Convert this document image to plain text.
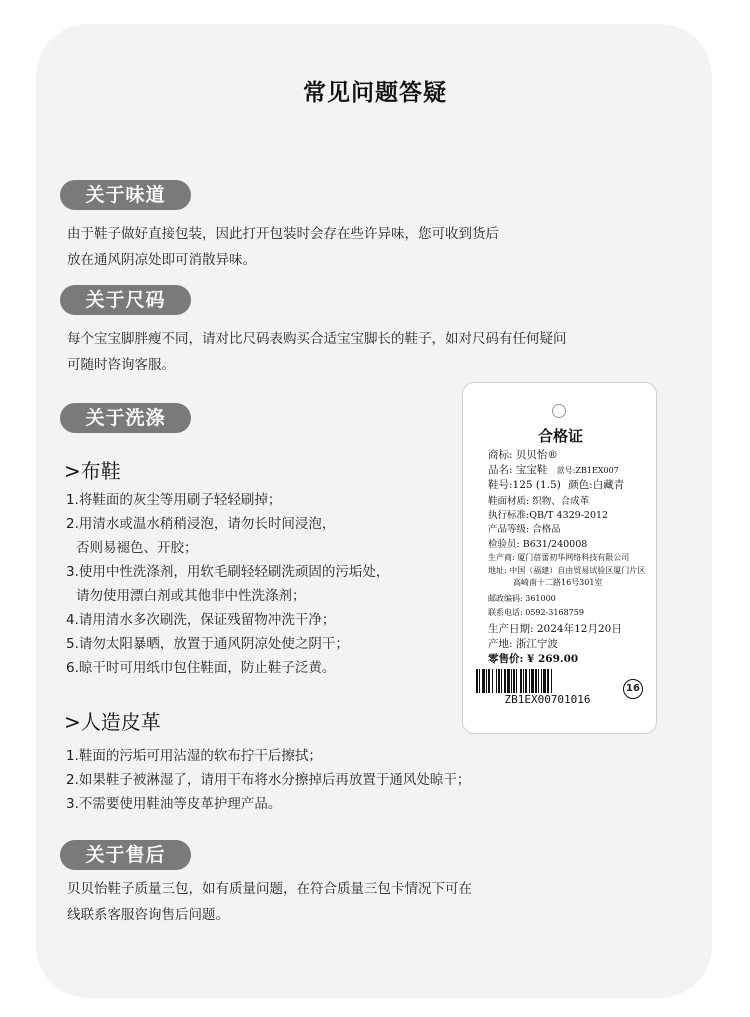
常见问题答疑
关于味道
由于鞋子做好直接包装，因此打开包装时会存在些许异味，您可收到货后
放在通风阴凉处即可消散异味。
关于尺码
每个宝宝脚胖瘦不同，请对比尺码表购买合适宝宝脚长的鞋子，如对尺码有任何疑问
可随时咨询客服。
关于洗涤
>布鞋
1.将鞋面的灰尘等用刷子轻轻刷掉；
2.用清水或温水稍稍浸泡，请勿长时间浸泡，
否则易褪色、开胶；
3.使用中性洗涤剂，用软毛刷轻轻刷洗顽固的污垢处，
请勿使用漂白剂或其他非中性洗涤剂；
4.请用清水多次刷洗，保证残留物冲洗干净；
5.请勿太阳暴晒，放置于通风阴凉处使之阴干；
6.晾干时可用纸巾包住鞋面，防止鞋子泛黄。
>人造皮革
1.鞋面的污垢可用沾湿的软布拧干后擦拭；
2.如果鞋子被淋湿了，请用干布将水分擦掉后再放置于通风处晾干；
3.不需要使用鞋油等皮革护理产品。
关于售后
贝贝怡鞋子质量三包，如有质量问题，在符合质量三包卡情况下可在
线联系客服咨询售后问题。
合格证
商标: 贝贝怡®
品名: 宝宝鞋 款号:ZB1EX007
鞋号:125 (1.5) 颜色:白藏青
鞋面材质: 织物、合成革
执行标准:QB/T 4329-2012
产品等级: 合格品
检验员: B631/240008
生产商: 厦门蓓蕾初华网络科技有限公司
地址: 中国（福建）自由贸易试验区厦门片区
高崎南十二路16号301室
邮政编码: 361000
联系电话: 0592-3168759
生产日期: 2024年12月20日
产地: 浙江宁波
零售价: ¥ 269.00
ZB1EX00701016
16
